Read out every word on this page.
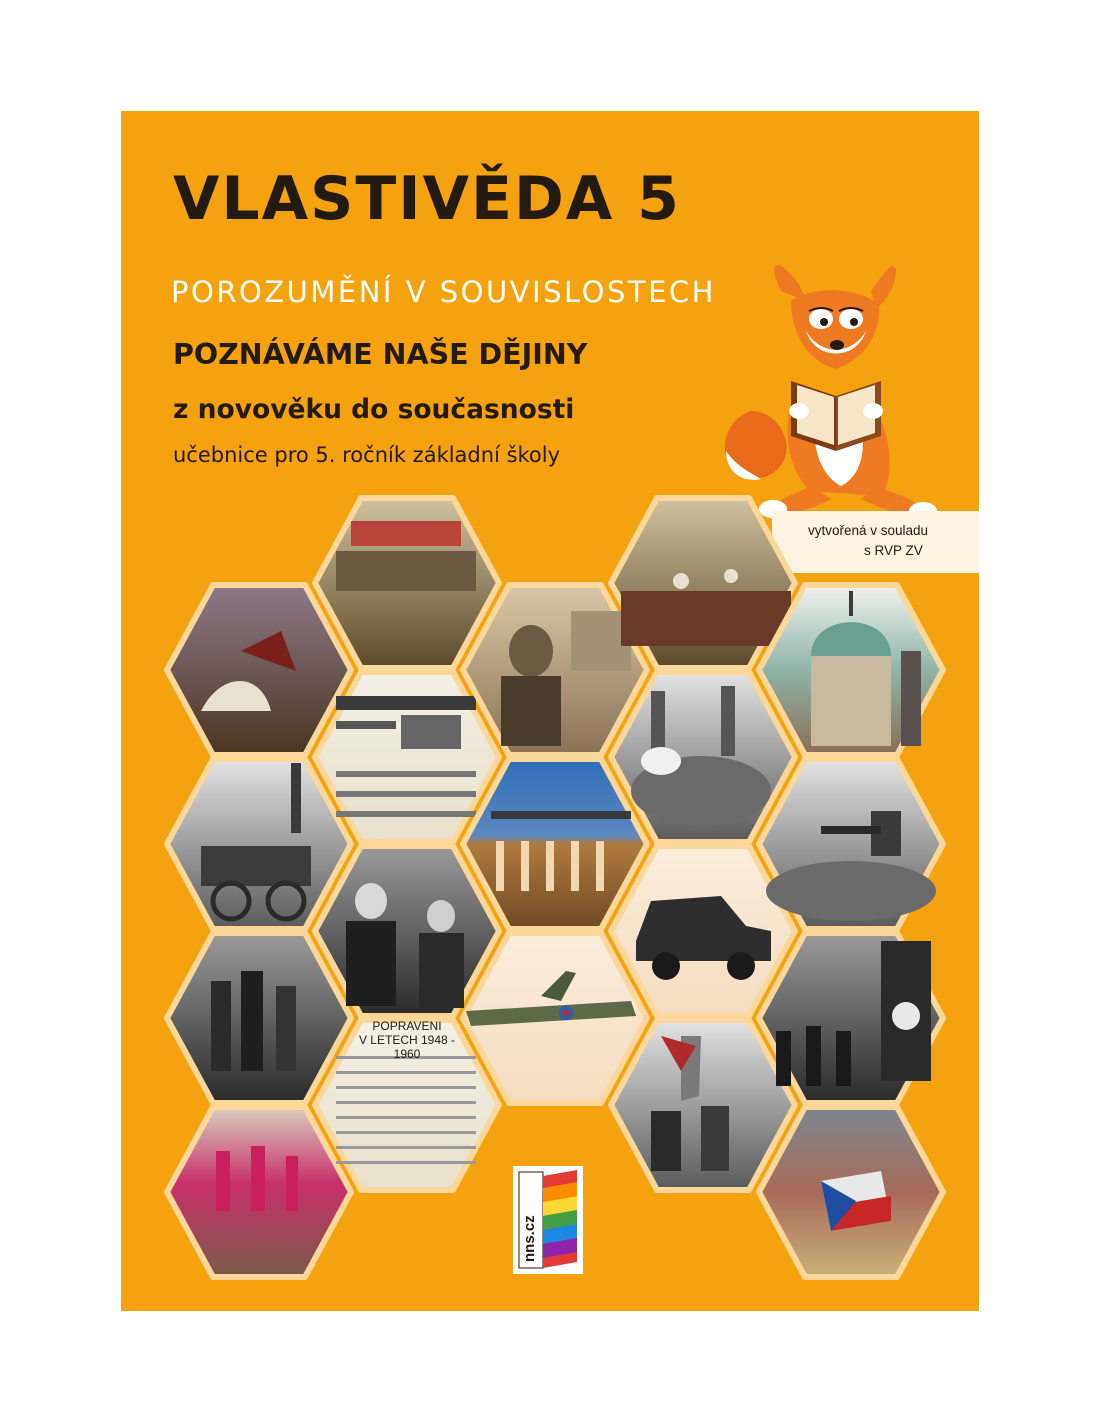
VLASTIVĚDA 5
POROZUMĚNÍ V SOUVISLOSTECH
POZNÁVÁME NAŠE DĚJINY
z novověku do současnosti
učebnice pro 5. ročník základní školy
vytvořená v souladu
s RVP ZV
POPRAVENI
V LETECH 1948 - 1960
nns.cz
